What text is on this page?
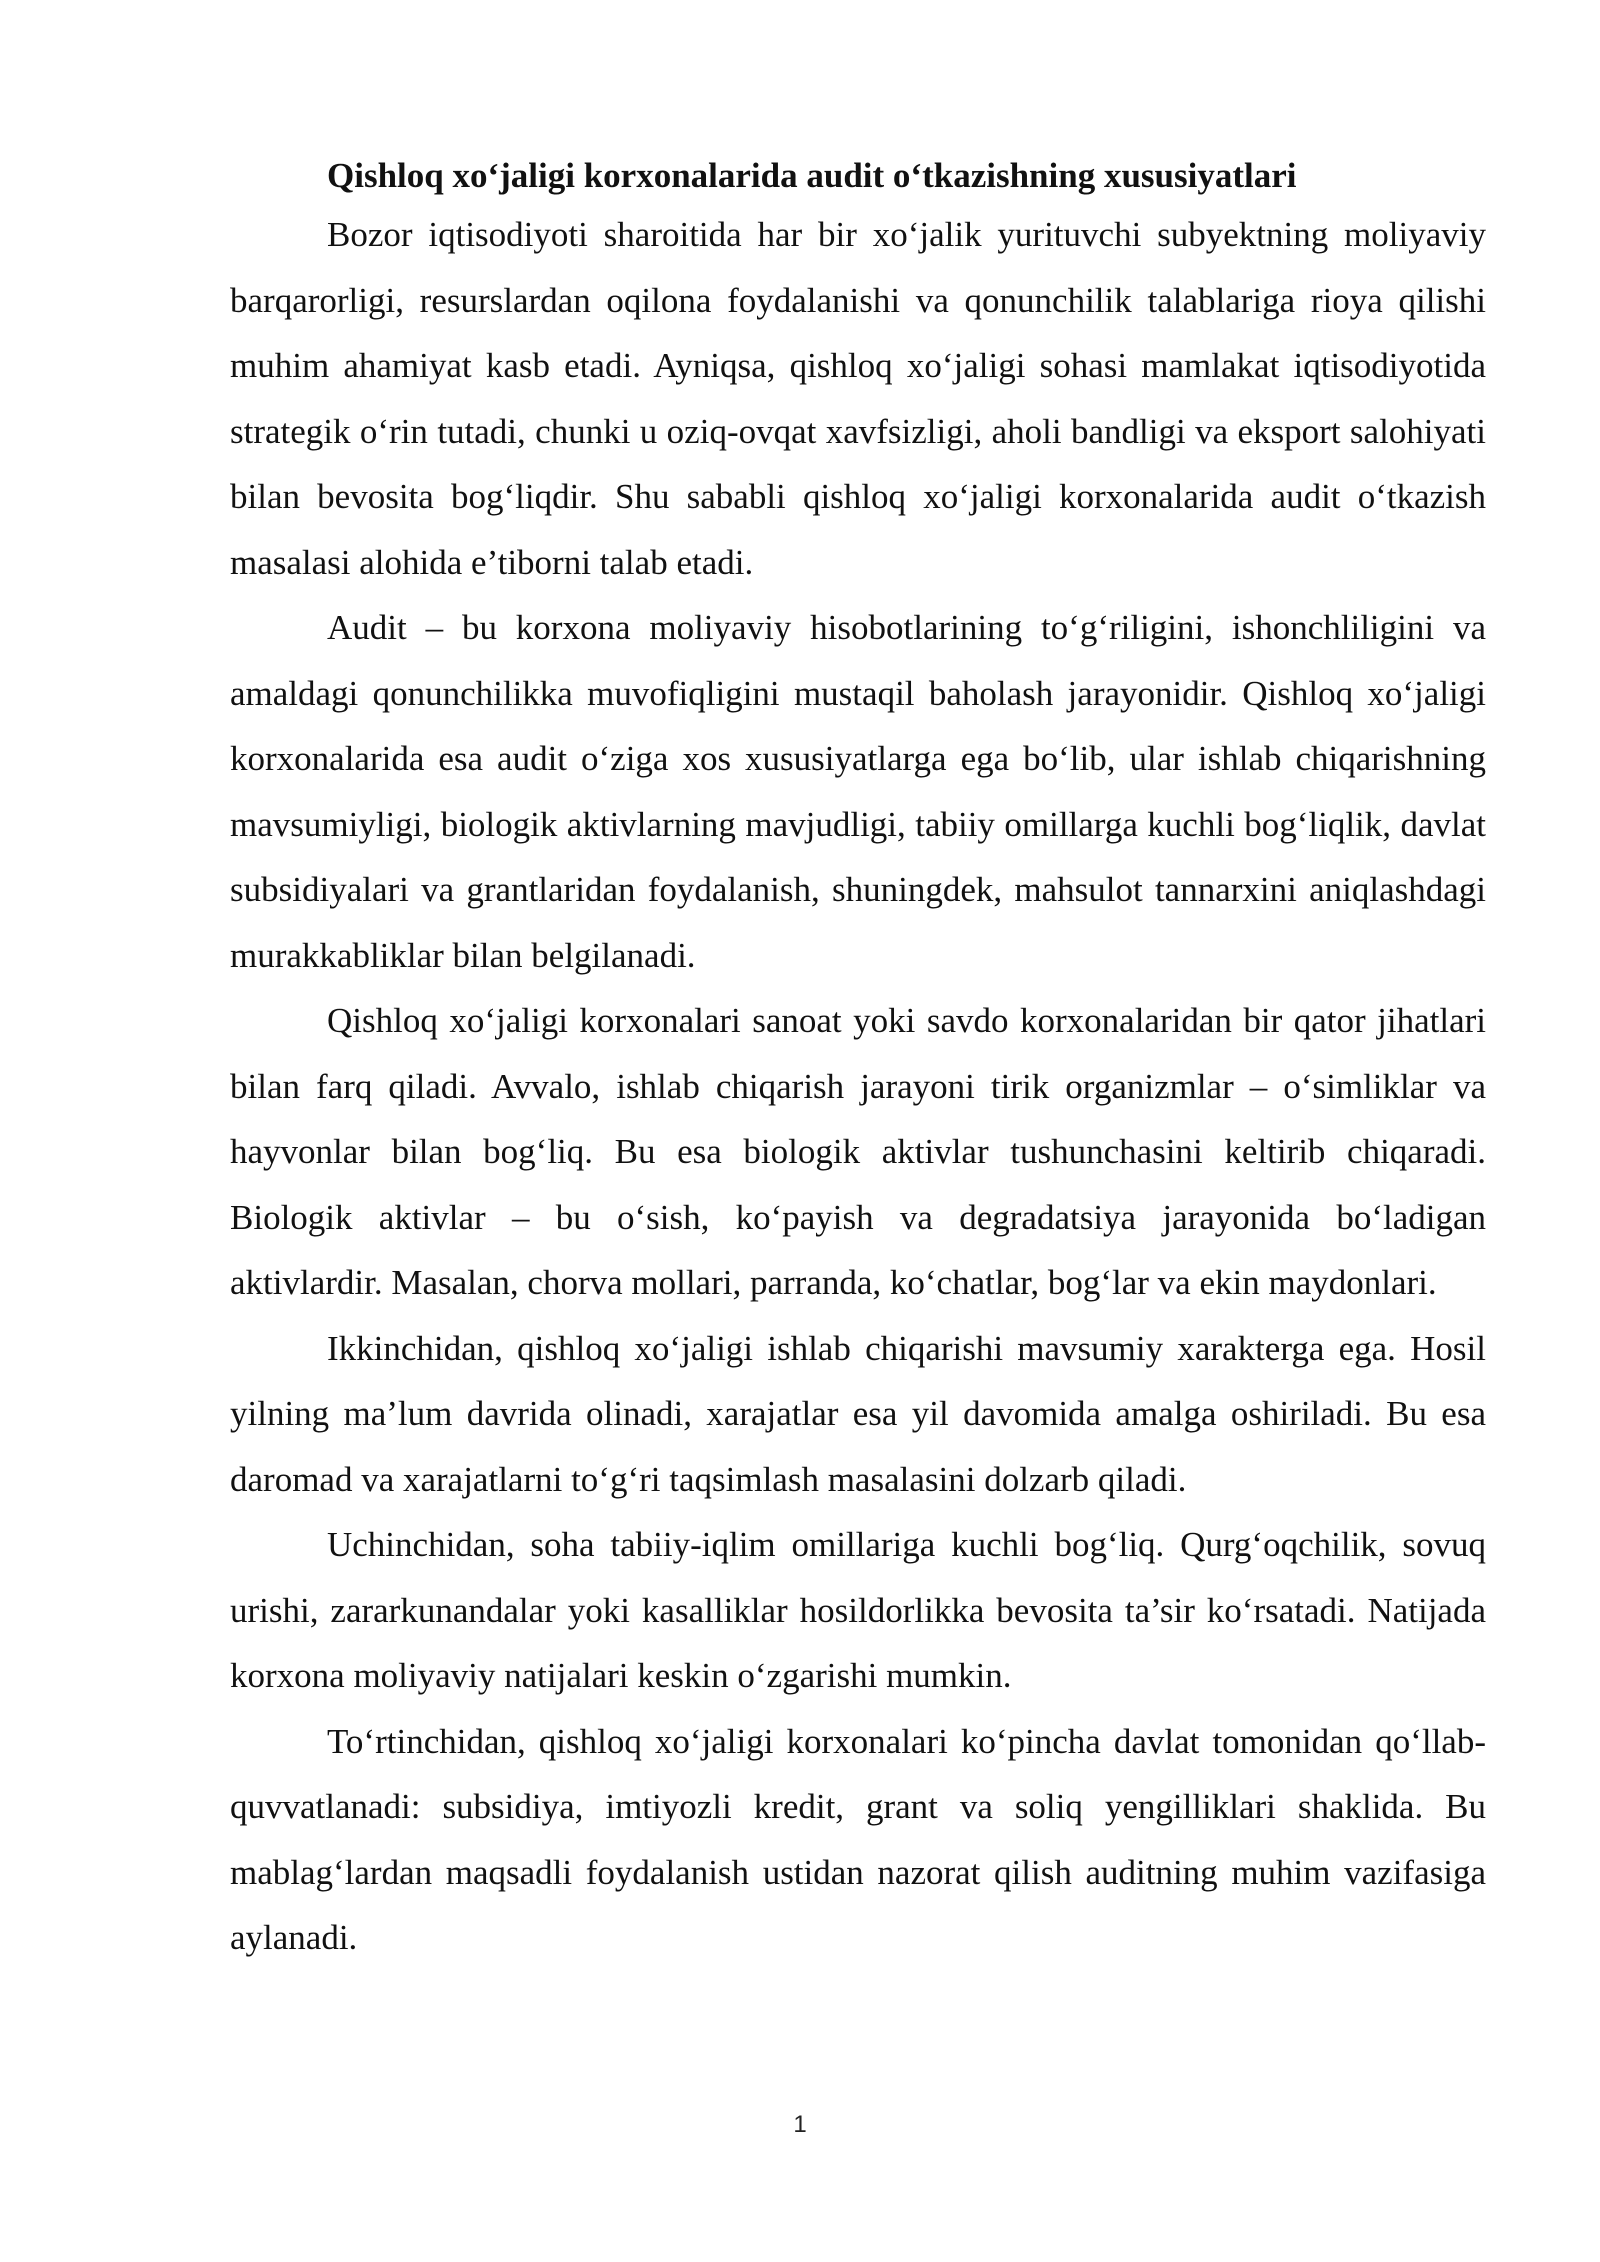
Qishloq xo‘jaligi korxonalarida audit o‘tkazishning xususiyatlari

Bozor iqtisodiyoti sharoitida har bir xo‘jalik yurituvchi subyektning moliyaviy barqarorligi, resurslardan oqilona foydalanishi va qonunchilik talablariga rioya qilishi muhim ahamiyat kasb etadi. Ayniqsa, qishloq xo‘jaligi sohasi mamlakat iqtisodiyotida strategik o‘rin tutadi, chunki u oziq-ovqat xavfsizligi, aholi bandligi va eksport salohiyati bilan bevosita bog‘liqdir. Shu sababli qishloq xo‘jaligi korxonalarida audit o‘tkazish masalasi alohida e’tiborni talab etadi.

Audit – bu korxona moliyaviy hisobotlarining to‘g‘riligini, ishonchliligini va amaldagi qonunchilikka muvofiqligini mustaqil baholash jarayonidir. Qishloq xo‘jaligi korxonalarida esa audit o‘ziga xos xususiyatlarga ega bo‘lib, ular ishlab chiqarishning mavsumiyligi, biologik aktivlarning mavjudligi, tabiiy omillarga kuchli bog‘liqlik, davlat subsidiyalari va grantlaridan foydalanish, shuningdek, mahsulot tannarxini aniqlashdagi murakkabliklar bilan belgilanadi.

Qishloq xo‘jaligi korxonalari sanoat yoki savdo korxonalaridan bir qator jihatlari bilan farq qiladi. Avvalo, ishlab chiqarish jarayoni tirik organizmlar – o‘simliklar va hayvonlar bilan bog‘liq. Bu esa biologik aktivlar tushunchasini keltirib chiqaradi. Biologik aktivlar – bu o‘sish, ko‘payish va degradatsiya jarayonida bo‘ladigan aktivlardir. Masalan, chorva mollari, parranda, ko‘chatlar, bog‘lar va ekin maydonlari.

Ikkinchidan, qishloq xo‘jaligi ishlab chiqarishi mavsumiy xarakterga ega. Hosil yilning ma’lum davrida olinadi, xarajatlar esa yil davomida amalga oshiriladi. Bu esa daromad va xarajatlarni to‘g‘ri taqsimlash masalasini dolzarb qiladi.

Uchinchidan, soha tabiiy-iqlim omillariga kuchli bog‘liq. Qurg‘oqchilik, sovuq urishi, zararkunandalar yoki kasalliklar hosildorlikka bevosita ta’sir ko‘rsatadi. Natijada korxona moliyaviy natijalari keskin o‘zgarishi mumkin.

To‘rtinchidan, qishloq xo‘jaligi korxonalari ko‘pincha davlat tomonidan qo‘llab-quvvatlanadi: subsidiya, imtiyozli kredit, grant va soliq yengilliklari shaklida. Bu mablag‘lardan maqsadli foydalanish ustidan nazorat qilish auditning muhim vazifasiga aylanadi.

1
